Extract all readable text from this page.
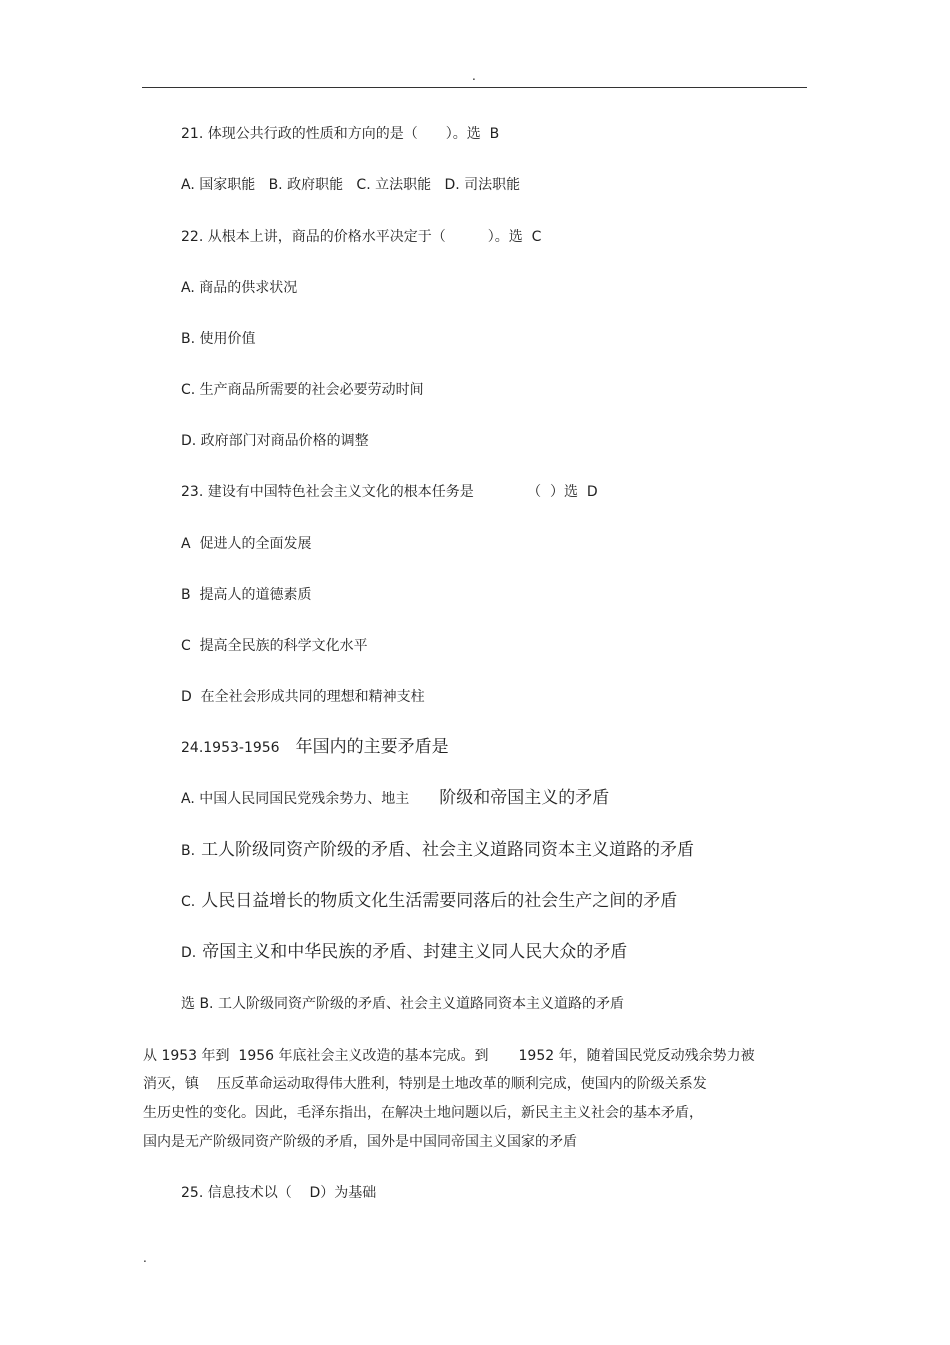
.
21. 体现公共行政的性质和方向的是（　　）。选  B
A. 国家职能   B. 政府职能   C. 立法职能   D. 司法职能
22. 从根本上讲，商品的价格水平决定于（　　　）。选  C
A. 商品的供求状况
B. 使用价值
C. 生产商品所需要的社会必要劳动时间
D. 政府部门对商品价格的调整
23. 建设有中国特色社会主义文化的根本任务是            （  ）选  D
A  促进人的全面发展
B  提高人的道德素质
C  提高全民族的科学文化水平
D  在全社会形成共同的理想和精神支柱
24.1953-1956 年国内的主要矛盾是
A. 中国人民同国民党残余势力、地主 阶级和帝国主义的矛盾
B. 工人阶级同资产阶级的矛盾、社会主义道路同资本主义道路的矛盾
C. 人民日益增长的物质文化生活需要同落后的社会生产之间的矛盾
D. 帝国主义和中华民族的矛盾、封建主义同人民大众的矛盾
选 B. 工人阶级同资产阶级的矛盾、社会主义道路同资本主义道路的矛盾
从 1953 年到  1956 年底社会主义改造的基本完成。到 1952 年，随着国民党反动残余势力被
消灭，镇    压反革命运动取得伟大胜利，特别是土地改革的顺利完成，使国内的阶级关系发
生历史性的变化。因此，毛泽东指出，在解决土地问题以后，新民主主义社会的基本矛盾，
国内是无产阶级同资产阶级的矛盾，国外是中国同帝国主义国家的矛盾
25. 信息技术以（    D）为基础
.
